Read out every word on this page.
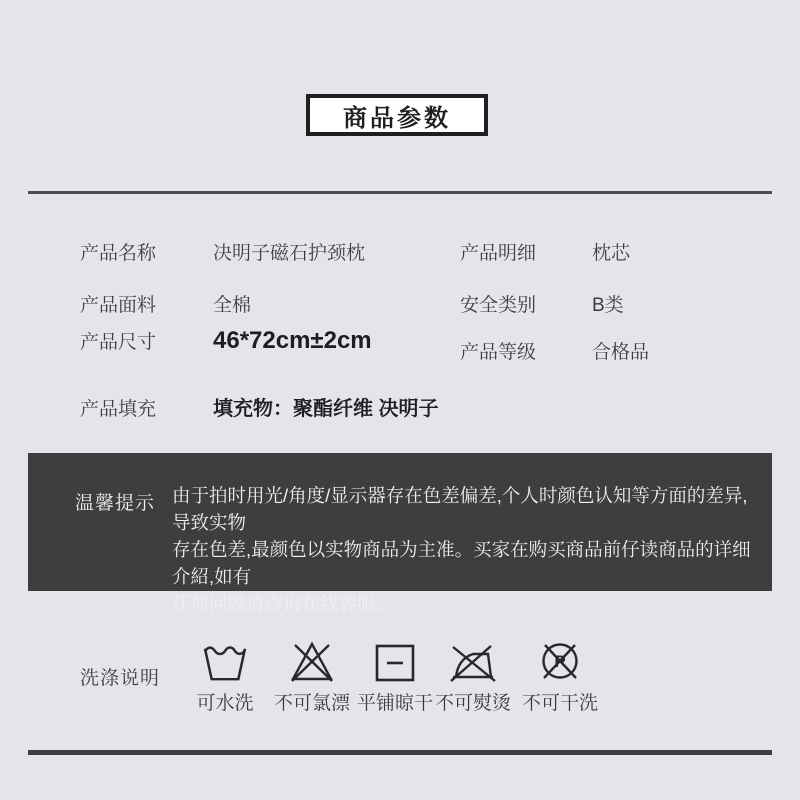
商品参数
产品名称	决明子磁石护颈枕
产品面料	全棉
产品尺寸	46*72cm±2cm
产品填充	填充物：聚酯纤维 决明子
产品明细	枕芯
安全类别	B类
产品等级	合格品
温馨提示 由于拍时用光/角度/显示器存在色差偏差,个人时颜色认知等方面的差异,导致实物
存在色差,最颜色以实物商品为主准。买家在购买商品前仔读商品的详细介紹,如有
任何问题请咨询在线客服。
洗涤说明
可水洗 不可氯漂 平铺晾干 不可熨烫
P
不可干洗
